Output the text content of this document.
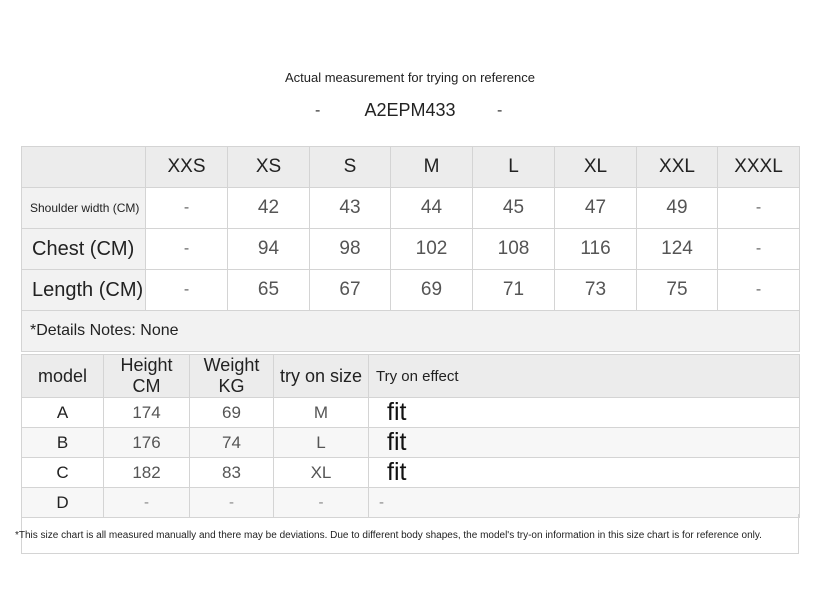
Actual measurement for trying on reference
-	A2EPM433	-
	XXS	XS	S	M	L	XL	XXL	XXXL
Shoulder width (CM)	-	42	43	44	45	47	49	-
Chest (CM)	-	94	98	102	108	116	124	-
Length (CM)	-	65	67	69	71	73	75	-
*Details Notes: None								
model	Height CM	Weight KG	try on size	Try on effect
A	174	69	M	fit
B	176	74	L	fit
C	182	83	XL	fit
D	-	-	-	-
*This size chart is all measured manually and there may be deviations. Due to different body shapes, the model's try-on information in this size chart is for reference only.
